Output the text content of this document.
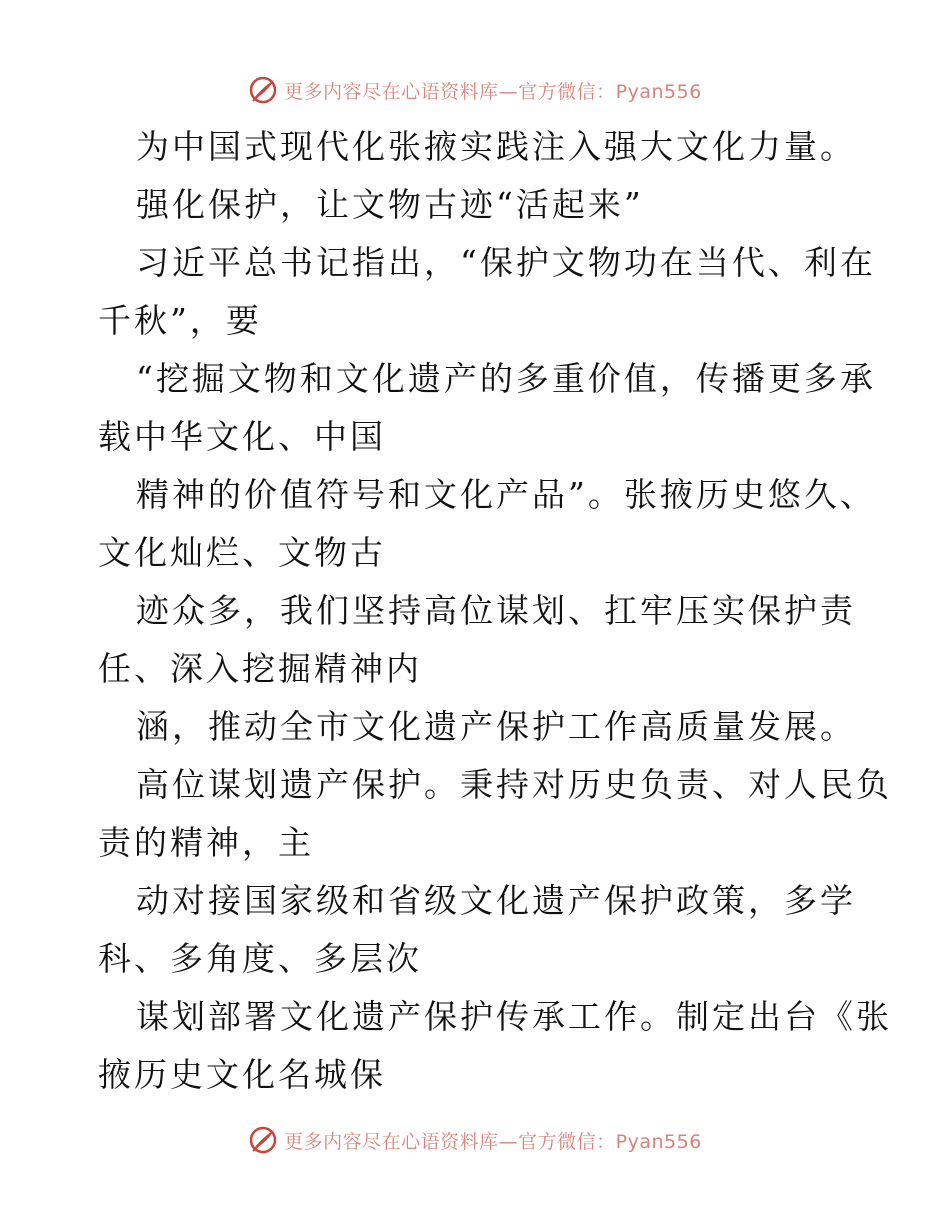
更多内容尽在心语资料库—官方微信：Pyan556
为中国式现代化张掖实践注入强大文化力量。
强化保护，让文物古迹“活起来”
习近平总书记指出，“保护文物功在当代、利在
千秋”，要
“挖掘文物和文化遗产的多重价值，传播更多承
载中华文化、中国
精神的价值符号和文化产品”。张掖历史悠久、
文化灿烂、文物古
迹众多，我们坚持高位谋划、扛牢压实保护责
任、深入挖掘精神内
涵，推动全市文化遗产保护工作高质量发展。
高位谋划遗产保护。秉持对历史负责、对人民负
责的精神，主
动对接国家级和省级文化遗产保护政策，多学
科、多角度、多层次
谋划部署文化遗产保护传承工作。制定出台《张
掖历史文化名城保
更多内容尽在心语资料库—官方微信：Pyan556
